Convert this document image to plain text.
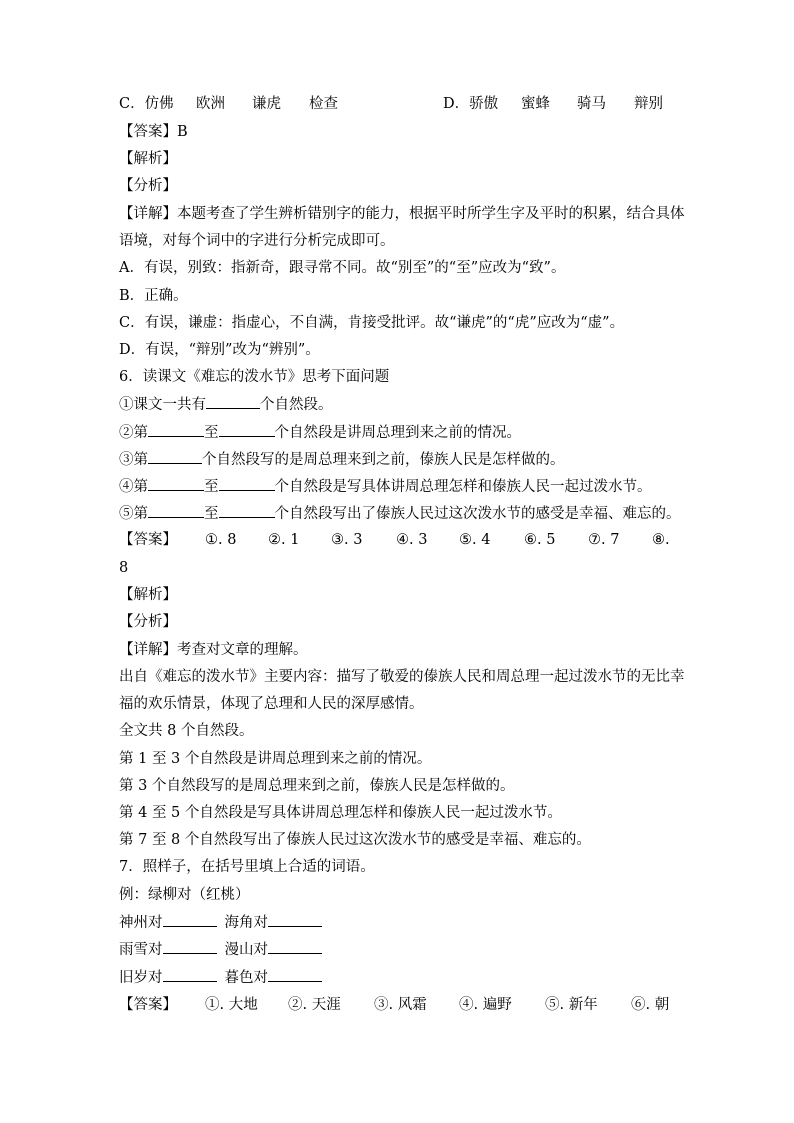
C．仿佛 欧洲 谦虎 检查	D．骄傲 蜜蜂 骑马 辩别
【答案】B
【解析】
【分析】
【详解】本题考查了学生辨析错别字的能力，根据平时所学生字及平时的积累，结合具体
语境，对每个词中的字进行分析完成即可。
A．有误，别致：指新奇，跟寻常不同。故“别至”的“至”应改为“致”。
B．正确。
C．有误，谦虚：指虚心，不自满，肯接受批评。故“谦虎”的“虎”应改为“虚”。
D．有误，“辩别”改为“辨别”。
6．读课文《难忘的泼水节》思考下面问题
①课文一共有	个自然段。
②第	至	个自然段是讲周总理到来之前的情况。
③第	个自然段写的是周总理来到之前，傣族人民是怎样做的。
④第	至	个自然段是写具体讲周总理怎样和傣族人民一起过泼水节。
⑤第	至	个自然段写出了傣族人民过这次泼水节的感受是幸福、难忘的。
【答案】 ①. 8 ②. 1 ③. 3 ④. 3 ⑤. 4 ⑥. 5 ⑦. 7 ⑧.
8
【解析】
【分析】
【详解】考查对文章的理解。
出自《难忘的泼水节》主要内容：描写了敬爱的傣族人民和周总理一起过泼水节的无比幸
福的欢乐情景，体现了总理和人民的深厚感情。
全文共 8 个自然段。
第 1 至 3 个自然段是讲周总理到来之前的情况。
第 3 个自然段写的是周总理来到之前，傣族人民是怎样做的。
第 4 至 5 个自然段是写具体讲周总理怎样和傣族人民一起过泼水节。
第 7 至 8 个自然段写出了傣族人民过这次泼水节的感受是幸福、难忘的。
7．照样子，在括号里填上合适的词语。
例：绿柳对（红桃）
神州对	海角对
雨雪对	漫山对
旧岁对	暮色对
【答案】 ①. 大地 ②. 天涯 ③. 风霜 ④. 遍野 ⑤. 新年 ⑥. 朝
